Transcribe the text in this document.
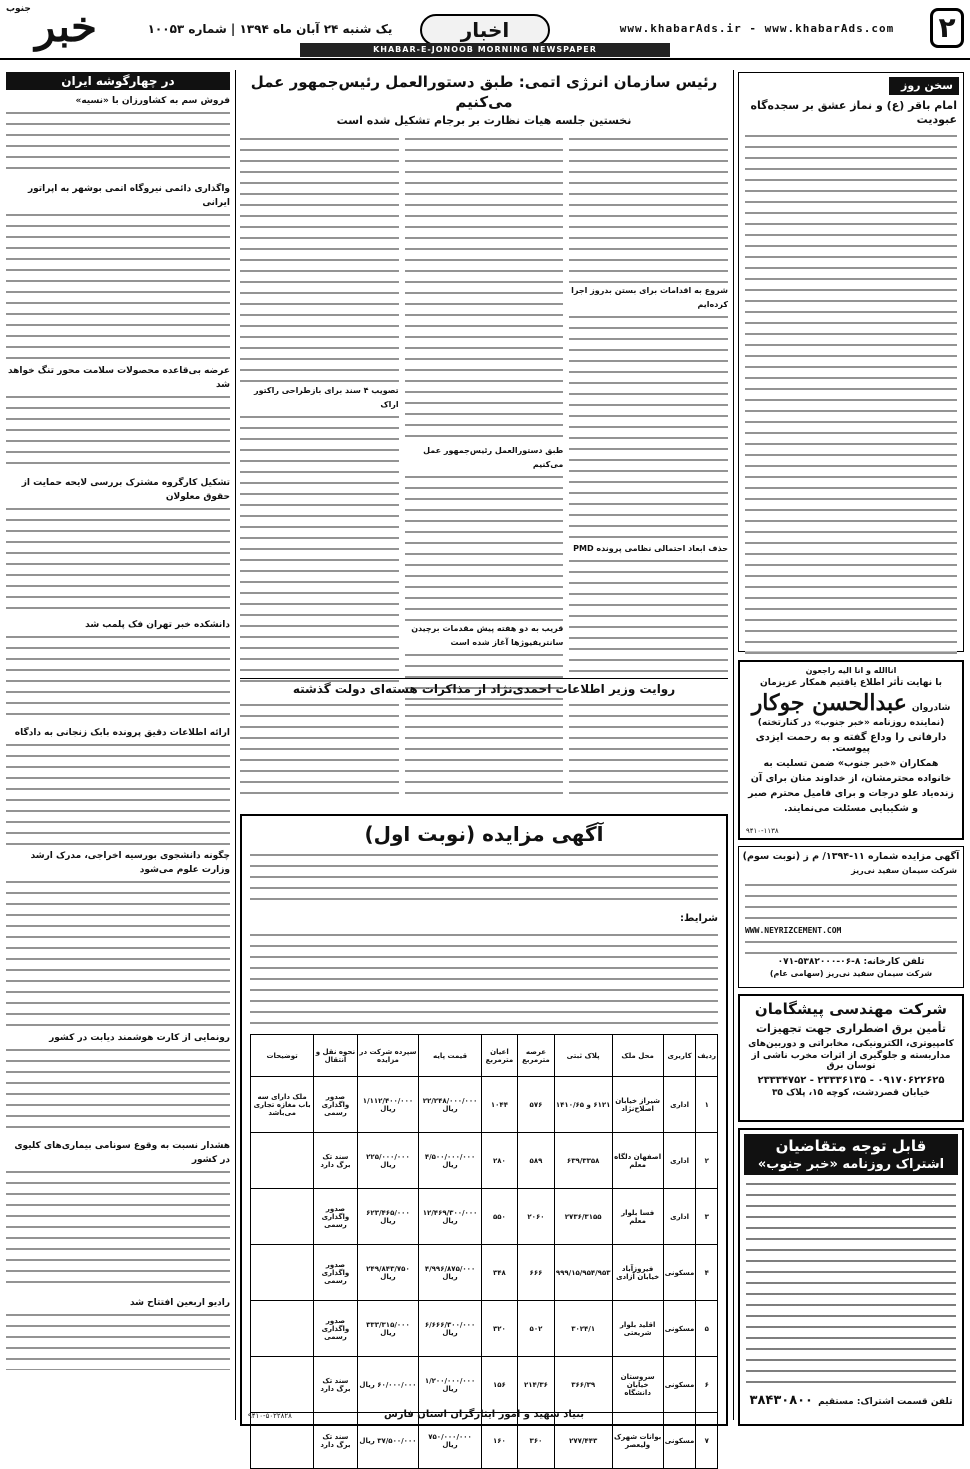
۲
www.khabarAds.ir - www.khabarAds.com
اخبار
یک شنبه ۲۴ آبان ماه ۱۳۹۴ | شماره ۱۰۰۵۳
خبر
جنوب
KHABAR-E-JONOOB MORNING NEWSPAPER
سخن روز
امام باقر (ع) و نماز عشق بر سجده‌گاه عبودیت
اناالله و انا الیه راجعون
با نهایت تأثر اطلاع یافتیم همکار عزیزمان
شادروان عبدالحسن جوکار
(نماینده روزنامه «خبر جنوب» در کنارتخته)
دارفانی را وداع گفته و به رحمت ایزدی پیوست.
همکاران «خبر جنوب» ضمن تسلیت به خانواده محترمشان، از خداوند منان برای آن زنده‌یاد علو درجات و برای فامیل محترم صبر و شکیبایی مسئلت می‌نمایند.
۹۴۱۰-۱۱۳۸
آگهی مزایده شماره ۱۱-۱۳۹۴/ م ز (نوبت سوم)
شرکت سیمان سفید نی‌ریز
WWW.NEYRIZCEMENT.COM
تلفن کارخانه: ۸-۰۶-۵۳۸۲۰۰۰-۰۷۱
شرکت سیمان سفید نی‌ریز (سهامی عام)
شرکت مهندسی پیشگامان
تأمین برق اضطراری جهت تجهیزات
کامپیوتری، الکترونیکی، مخابراتی و دوربین‌های
مداربسته و جلوگیری از اثرات مخرب ناشی از نوسان برق
۰۹۱۷۰۶۲۲۶۲۵ - ۲۳۳۳۶۱۳۵ - ۲۳۳۳۴۷۵۲
خیابان قصردشت، کوچه ۱۵، پلاک ۳۵
قابل توجه متقاضیان
اشتراک روزنامه «خبر جنوب»
تلفن قسمت اشتراک: مستقیم ۳۸۴۳۰۸۰۰
رئیس سازمان انرژی اتمی: طبق دستورالعمل رئیس‌جمهور عمل می‌کنیم
نخستین جلسه هیات نظارت بر برجام تشکیل شده است
شروع به اقدامات برای بستن بدروز اجرا کرده‌ایم
حذف ابعاد احتمالی نظامی پرونده PMD
طبق دستورالعمل رئیس‌جمهور عمل می‌کنیم
قریب به دو هفته پیش مقدمات برچیدن سانتریفیوژها آغاز شده است
تصویب ۴ سند برای بازطراحی راکتور اراک
روایت وزیر اطلاعات احمدی‌نژاد از مذاکرات هسته‌ای دولت گذشته
آگهی مزایده (نوبت اول)
شرایط:
ردیف	کاربری	محل ملک	پلاک ثبتی	عرصه مترمربع	اعیان مترمربع	قیمت پایه	سپرده شرکت در مزایده	نحوه نقل و انتقال	توضیحات
۱	اداری	شیراز خیابان اصلاح‌نژاد	۶۱۲۱ و ۱۴۱۰/۶۵	۵۷۶	۱۰۴۴	۲۲/۲۴۸/۰۰۰/۰۰۰ ریال	۱/۱۱۲/۴۰۰/۰۰۰ ریال	صدور واگذاری رسمی	ملک دارای سه باب مغازه تجاری می‌باشد
۲	اداری	اصفهان دلگاه معلم	۶۳۹/۳۳۵۸	۵۸۹	۲۸۰	۴/۵۰۰/۰۰۰/۰۰۰ ریال	۲۲۵/۰۰۰/۰۰۰ ریال	سند تک برگ دارد	
۳	اداری	فسا بلوار معلم	۲۷۳۶/۳۱۵۵	۲۰۶۰	۵۵۰	۱۲/۴۶۹/۳۰۰/۰۰۰ ریال	۶۲۳/۴۶۵/۰۰۰ ریال	صدور واگذاری رسمی	
۴	مسکونی	فیروزآباد خیابان آزادی	۹۹۹/۱۵/۹۵۴/۹۵۳	۶۶۶	۳۴۸	۴/۹۹۶/۸۷۵/۰۰۰ ریال	۲۴۹/۸۴۳/۷۵۰ ریال	صدور واگذاری رسمی	
۵	مسکونی	اقلید بلوار شریعتی	۳۰۲۴/۱	۵۰۲	۳۲۰	۶/۶۶۶/۳۰۰/۰۰۰ ریال	۳۳۳/۳۱۵/۰۰۰ ریال	صدور واگذاری رسمی	
۶	مسکونی	سروستان خیابان دانشگاه	۳۶۶/۳۹	۲۱۴/۳۶	۱۵۶	۱/۲۰۰/۰۰۰/۰۰۰ ریال	۶۰/۰۰۰/۰۰۰ ریال	سند تک برگ دارد	
۷	مسکونی	بوانات شهرک ولیعصر	۲۷۷/۴۴۳	۳۶۰	۱۶۰	۷۵۰/۰۰۰/۰۰۰ ریال	۳۷/۵۰۰/۰۰۰ ریال	سند تک برگ دارد	
بنیاد شهید و امور ایثارگران استان فارس
۹۴۱۰-۵۰۲۲۸۲۸
در چهارگوشه ایران
فروش سم به کشاورزان با «نسیه»
واگذاری دائمی نیروگاه اتمی بوشهر به اپراتور ایرانی
عرضه بی‌قاعده محصولات سلامت محور تنگ خواهد شد
تشکیل کارگروه مشترک بررسی لایحه حمایت از حقوق معلولان
دانشکده خبر تهران فک پلمب شد
ارائه اطلاعات دقیق پرونده بابک زنجانی به دادگاه
چگونه دانشجوی بورسیه اخراجی، مدرک ارشد وزارت علوم می‌شود
رونمایی از کارت هوشمند دیابت در کشور
هشدار نسبت به وقوع سونامی بیماری‌های کلیوی در کشور
رادیو اربعین افتتاح شد
